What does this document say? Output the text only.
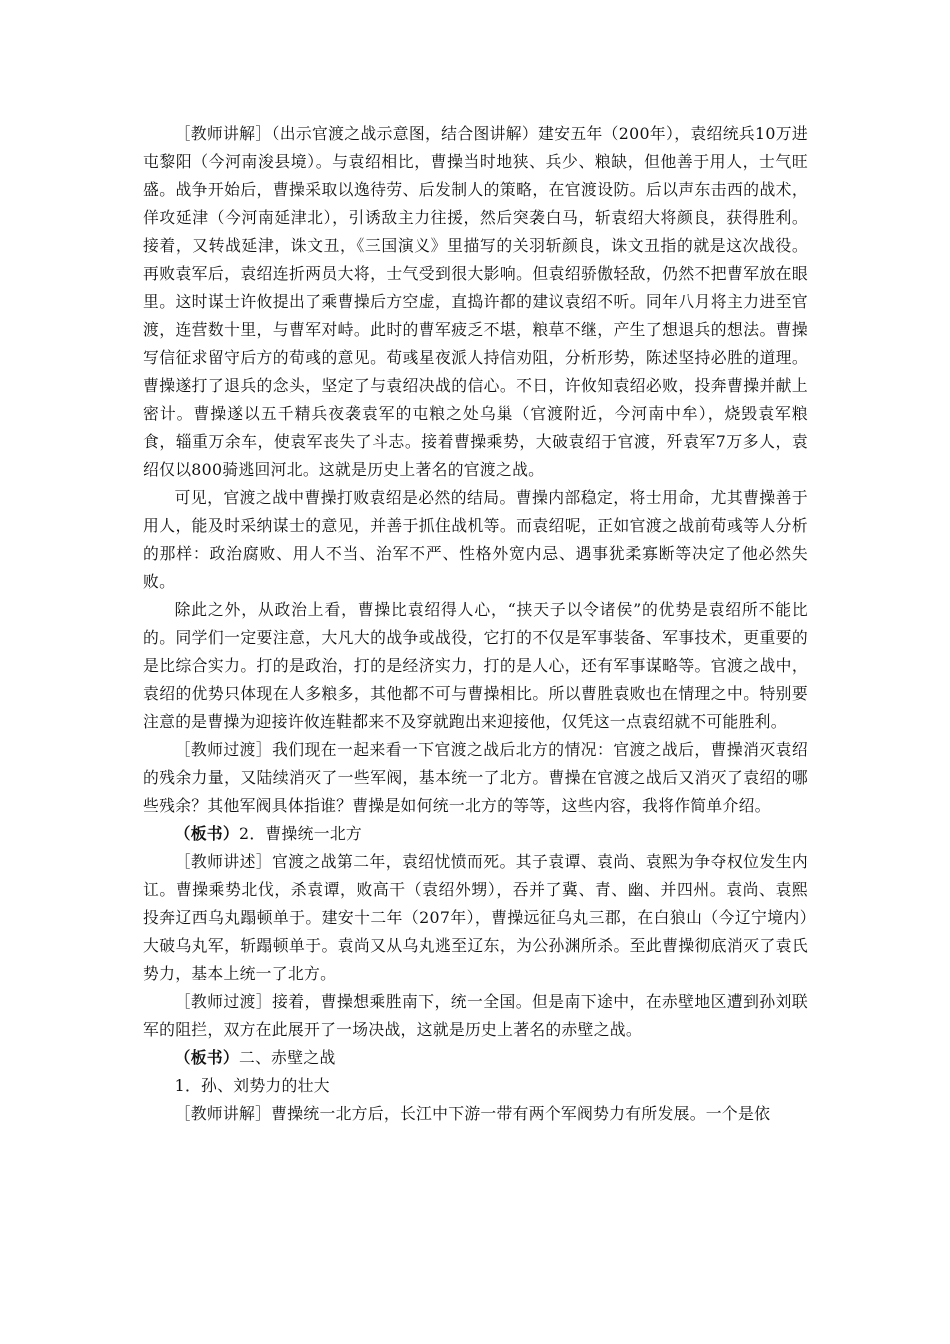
［教师讲解］（出示官渡之战示意图，结合图讲解）建安五年（200年），袁绍统兵10万进屯黎阳（今河南浚县境）。与袁绍相比，曹操当时地狭、兵少、粮缺，但他善于用人，士气旺盛。战争开始后，曹操采取以逸待劳、后发制人的策略，在官渡设防。后以声东击西的战术，佯攻延津（今河南延津北），引诱敌主力往援，然后突袭白马，斩袁绍大将颜良，获得胜利。接着，又转战延津，诛文丑，《三国演义》里描写的关羽斩颜良，诛文丑指的就是这次战役。再败袁军后，袁绍连折两员大将，士气受到很大影响。但袁绍骄傲轻敌，仍然不把曹军放在眼里。这时谋士许攸提出了乘曹操后方空虚，直捣许都的建议袁绍不听。同年八月将主力进至官渡，连营数十里，与曹军对峙。此时的曹军疲乏不堪，粮草不继，产生了想退兵的想法。曹操写信征求留守后方的荀彧的意见。荀彧星夜派人持信劝阻，分析形势，陈述坚持必胜的道理。曹操遂打了退兵的念头，坚定了与袁绍决战的信心。不日，许攸知袁绍必败，投奔曹操并献上密计。曹操遂以五千精兵夜袭袁军的屯粮之处乌巢（官渡附近，今河南中牟），烧毁袁军粮食，辎重万余车，使袁军丧失了斗志。接着曹操乘势，大破袁绍于官渡，歼袁军7万多人，袁绍仅以800骑逃回河北。这就是历史上著名的官渡之战。

可见，官渡之战中曹操打败袁绍是必然的结局。曹操内部稳定，将士用命，尤其曹操善于用人，能及时采纳谋士的意见，并善于抓住战机等。而袁绍呢，正如官渡之战前荀彧等人分析的那样：政治腐败、用人不当、治军不严、性格外宽内忌、遇事犹柔寡断等决定了他必然失败。

除此之外，从政治上看，曹操比袁绍得人心，“挟天子以令诸侯”的优势是袁绍所不能比的。同学们一定要注意，大凡大的战争或战役，它打的不仅是军事装备、军事技术，更重要的是比综合实力。打的是政治，打的是经济实力，打的是人心，还有军事谋略等。官渡之战中，袁绍的优势只体现在人多粮多，其他都不可与曹操相比。所以曹胜袁败也在情理之中。特别要注意的是曹操为迎接许攸连鞋都来不及穿就跑出来迎接他，仅凭这一点袁绍就不可能胜利。

［教师过渡］我们现在一起来看一下官渡之战后北方的情况：官渡之战后，曹操消灭袁绍的残余力量，又陆续消灭了一些军阀，基本统一了北方。曹操在官渡之战后又消灭了袁绍的哪些残余？其他军阀具体指谁？曹操是如何统一北方的等等，这些内容，我将作简单介绍。

（板书）2．曹操统一北方

［教师讲述］官渡之战第二年，袁绍忧愤而死。其子袁谭、袁尚、袁熙为争夺权位发生内讧。曹操乘势北伐，杀袁谭，败高干（袁绍外甥），吞并了冀、青、幽、并四州。袁尚、袁熙投奔辽西乌丸蹋顿单于。建安十二年（207年），曹操远征乌丸三郡，在白狼山（今辽宁境内）大破乌丸军，斩蹋顿单于。袁尚又从乌丸逃至辽东，为公孙渊所杀。至此曹操彻底消灭了袁氏势力，基本上统一了北方。

［教师过渡］接着，曹操想乘胜南下，统一全国。但是南下途中，在赤壁地区遭到孙刘联军的阻拦，双方在此展开了一场决战，这就是历史上著名的赤壁之战。

（板书）二、赤壁之战

1．孙、刘势力的壮大

［教师讲解］曹操统一北方后，长江中下游一带有两个军阀势力有所发展。一个是依
